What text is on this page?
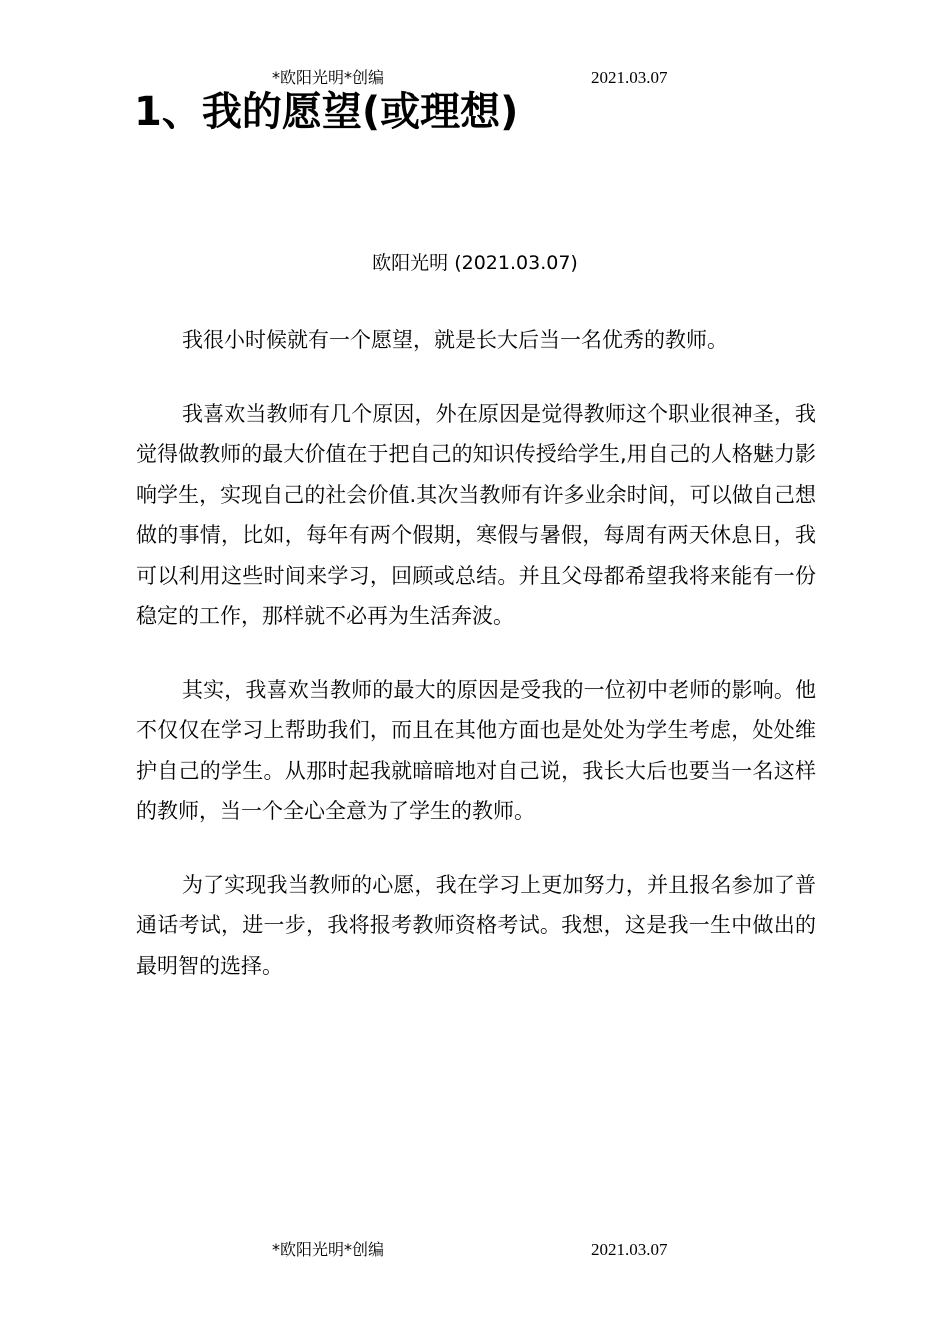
*欧阳光明*创编	2021.03.07
1、我的愿望(或理想)

欧阳光明 (2021.03.07)

我很小时候就有一个愿望，就是长大后当一名优秀的教师。

我喜欢当教师有几个原因，外在原因是觉得教师这个职业很神圣，我觉得做教师的最大价值在于把自己的知识传授给学生,用自己的人格魅力影响学生，实现自己的社会价值.其次当教师有许多业余时间，可以做自己想做的事情，比如，每年有两个假期，寒假与暑假，每周有两天休息日，我可以利用这些时间来学习，回顾或总结。并且父母都希望我将来能有一份稳定的工作，那样就不必再为生活奔波。

其实，我喜欢当教师的最大的原因是受我的一位初中老师的影响。他不仅仅在学习上帮助我们，而且在其他方面也是处处为学生考虑，处处维护自己的学生。从那时起我就暗暗地对自己说，我长大后也要当一名这样的教师，当一个全心全意为了学生的教师。

为了实现我当教师的心愿，我在学习上更加努力，并且报名参加了普通话考试，进一步，我将报考教师资格考试。我想，这是我一生中做出的最明智的选择。

*欧阳光明*创编	2021.03.07
